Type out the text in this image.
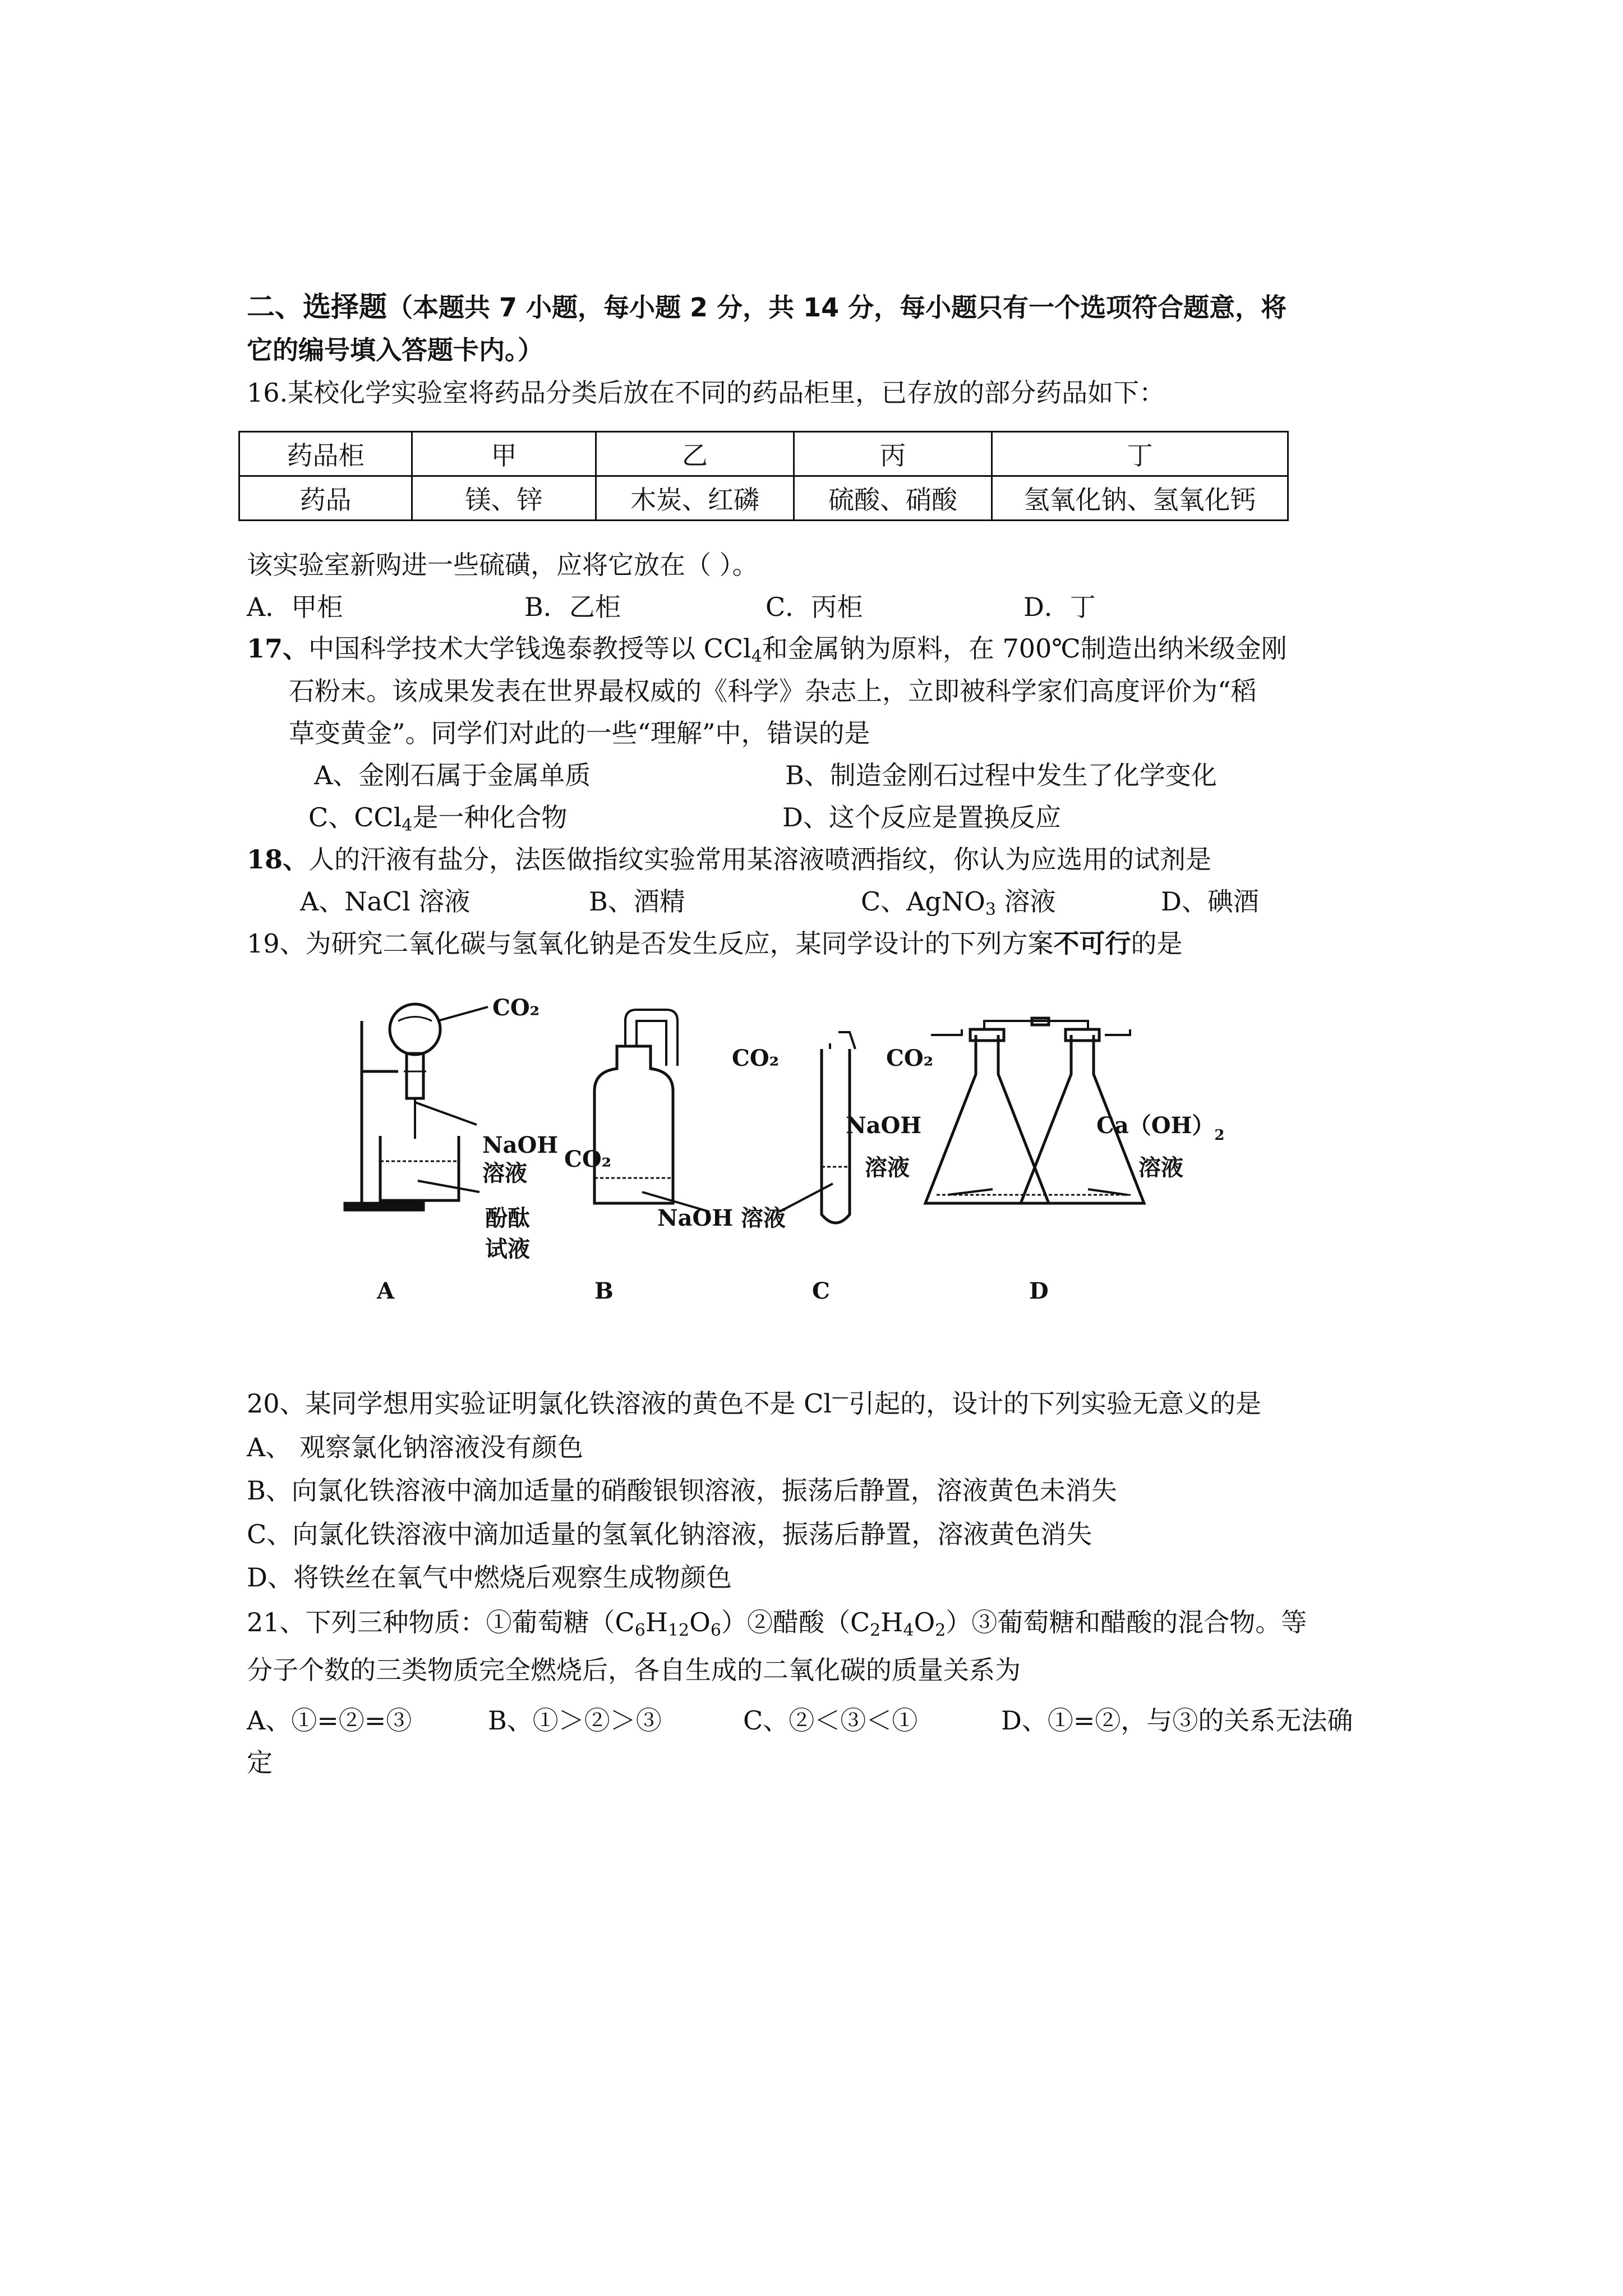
二、选择题（本题共 7 小题，每小题 2 分，共 14 分，每小题只有一个选项符合题意，将
它的编号填入答题卡内。）
16.某校化学实验室将药品分类后放在不同的药品柜里，已存放的部分药品如下：
药品柜	甲	乙	丙	丁
药品	镁、锌	木炭、红磷	硫酸、硝酸	氢氧化钠、氢氧化钙
该实验室新购进一些硫磺，应将它放在（ ）。
A．甲柜	B．乙柜	C．丙柜	D．丁
17、中国科学技术大学钱逸泰教授等以 CCl$_4$和金属钠为原料，在 700℃制造出纳米级金刚
石粉末。该成果发表在世界最权威的《科学》杂志上，立即被科学家们高度评价为“稻
草变黄金”。同学们对此的一些“理解”中，错误的是
A、金刚石属于金属单质	B、制造金刚石过程中发生了化学变化
C、CCl$_4$是一种化合物	D、这个反应是置换反应
18、人的汗液有盐分，法医做指纹实验常用某溶液喷洒指纹，你认为应选用的试剂是
A、NaCl 溶液	B、酒精	C、AgNO$_3$ 溶液	D、碘酒
19、为研究二氧化碳与氢氧化钠是否发生反应，某同学设计的下列方案不可行的是
CO₂
NaOH
溶液
酚酞
试液
CO₂
NaOH 溶液
CO₂
NaOH
溶液
CO₂
$Ca(OH)_2$
溶液
A	B	C	D
20、某同学想用实验证明氯化铁溶液的黄色不是 Cl—引起的，设计的下列实验无意义的是
A、 观察氯化钠溶液没有颜色
B、向氯化铁溶液中滴加适量的硝酸银钡溶液，振荡后静置，溶液黄色未消失
C、向氯化铁溶液中滴加适量的氢氧化钠溶液，振荡后静置，溶液黄色消失
D、将铁丝在氧气中燃烧后观察生成物颜色
21、下列三种物质：①葡萄糖$(C_6H_{12}O_6)②$醋酸$(C_2H_4O_2)③$葡萄糖和醋酸的混合物。等
分子个数的三类物质完全燃烧后，各自生成的二氧化碳的质量关系为
A、①=②=③	B、①＞②＞③	C、②＜③＜①	D、①=②，与③的关系无法确
定
